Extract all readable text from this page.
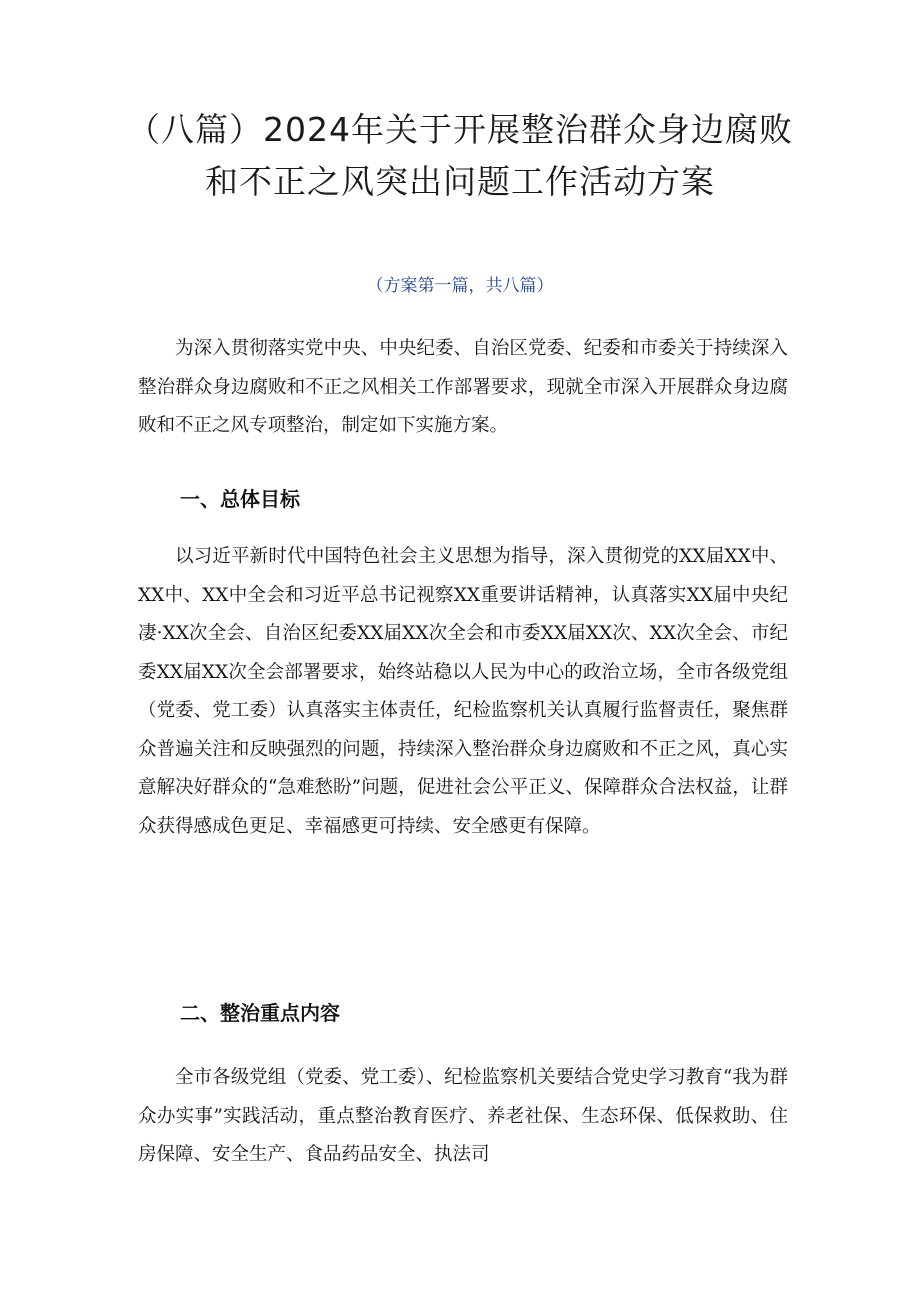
（八篇）2024年关于开展整治群众身边腐败和不正之风突出问题工作活动方案

（方案第一篇，共八篇）

为深入贯彻落实党中央、中央纪委、自治区党委、纪委和市委关于持续深入整治群众身边腐败和不正之风相关工作部署要求，现就全市深入开展群众身边腐败和不正之风专项整治，制定如下实施方案。

一、总体目标

以习近平新时代中国特色社会主义思想为指导，深入贯彻党的XX届XX中、XX中、XX中全会和习近平总书记视察XX重要讲话精神，认真落实XX届中央纪凄·XX次全会、自治区纪委XX届XX次全会和市委XX届XX次、XX次全会、市纪委XX届XX次全会部署要求，始终站稳以人民为中心的政治立场，全市各级党组（党委、党工委）认真落实主体责任，纪检监察机关认真履行监督责任，聚焦群众普遍关注和反映强烈的问题，持续深入整治群众身边腐败和不正之风，真心实意解决好群众的“急难愁盼”问题，促进社会公平正义、保障群众合法权益，让群众获得感成色更足、幸福感更可持续、安全感更有保障。

二、整治重点内容

全市各级党组（党委、党工委）、纪检监察机关要结合党史学习教育“我为群众办实事”实践活动，重点整治教育医疗、养老社保、生态环保、低保救助、住房保障、安全生产、食品药品安全、执法司
